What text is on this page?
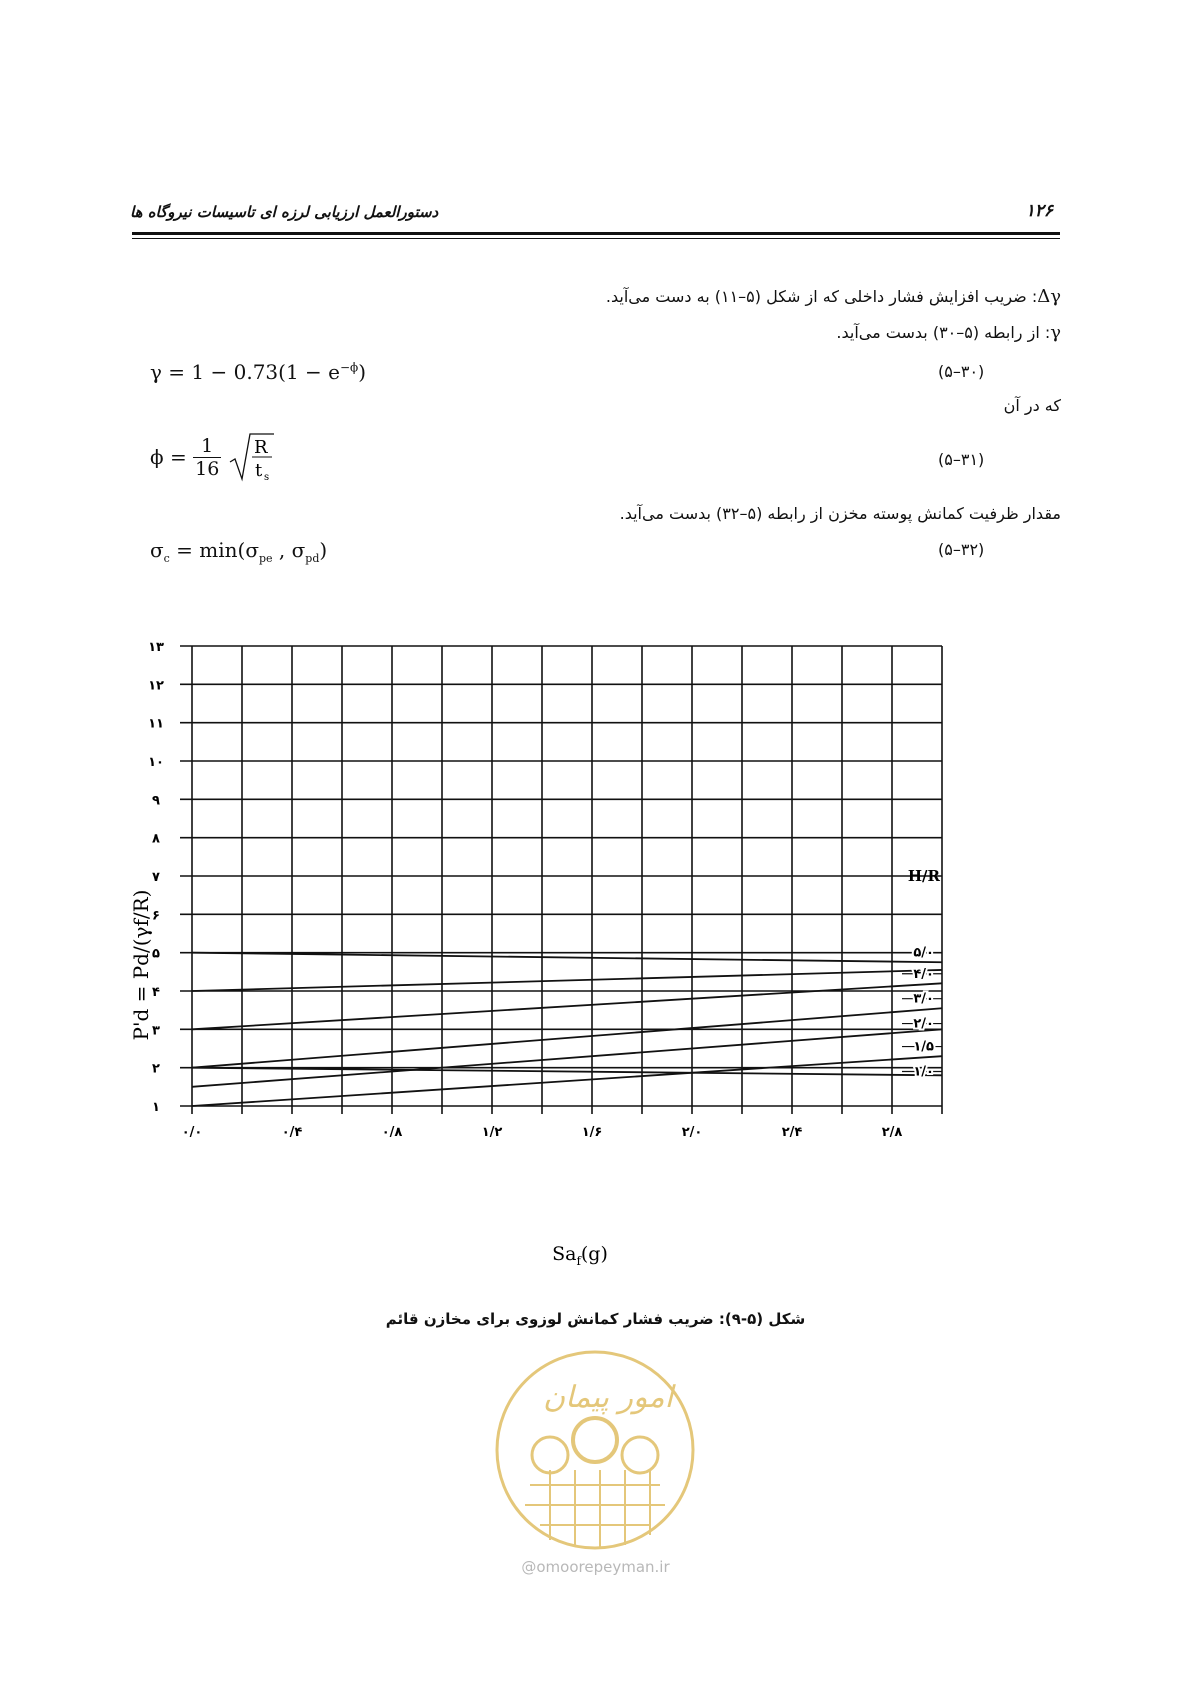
دستورالعمل ارزیابی لرزه ای تاسیسات نیروگاه ها	۱۲۶
Δγ: ضریب افزایش فشار داخلی که از شکل (۵–۱۱) به دست می‌آید.
γ: از رابطه (۵–۳۰) بدست می‌آید.
$\gamma = 1 - 0.73(1 - e^{-\phi})$	(۳۰–۵)
که در آن
$\phi = \frac{1}{16}$
R
t s
(۳۱–۵)
مقدار ظرفیت کمانش پوسته مخزن از رابطه (۵–۳۲) بدست می‌آید.
$\sigma_c = \min(\sigma_{pe}$ , $\sigma_{pd}$)	(۳۲–۵)
۱
۲
۳
۴
۵
۶
۷
۸
۹
۱۰
۱۱
۱۲
۱۳
۰/۰	۰/۴	۰/۸	۱/۲	۱/۶	۲/۰	۲/۴	۲/۸
H/R
۵/۰
۴/۰
۳/۰
۲/۰
۱/۵
۱/۰
P'd = Pd/(γf/R)
$Sa_f(g)$
شکل (۵-۹): ضریب فشار کمانش لوزوی برای مخازن قائم
امور پیمان
@omoorepeyman.ir
